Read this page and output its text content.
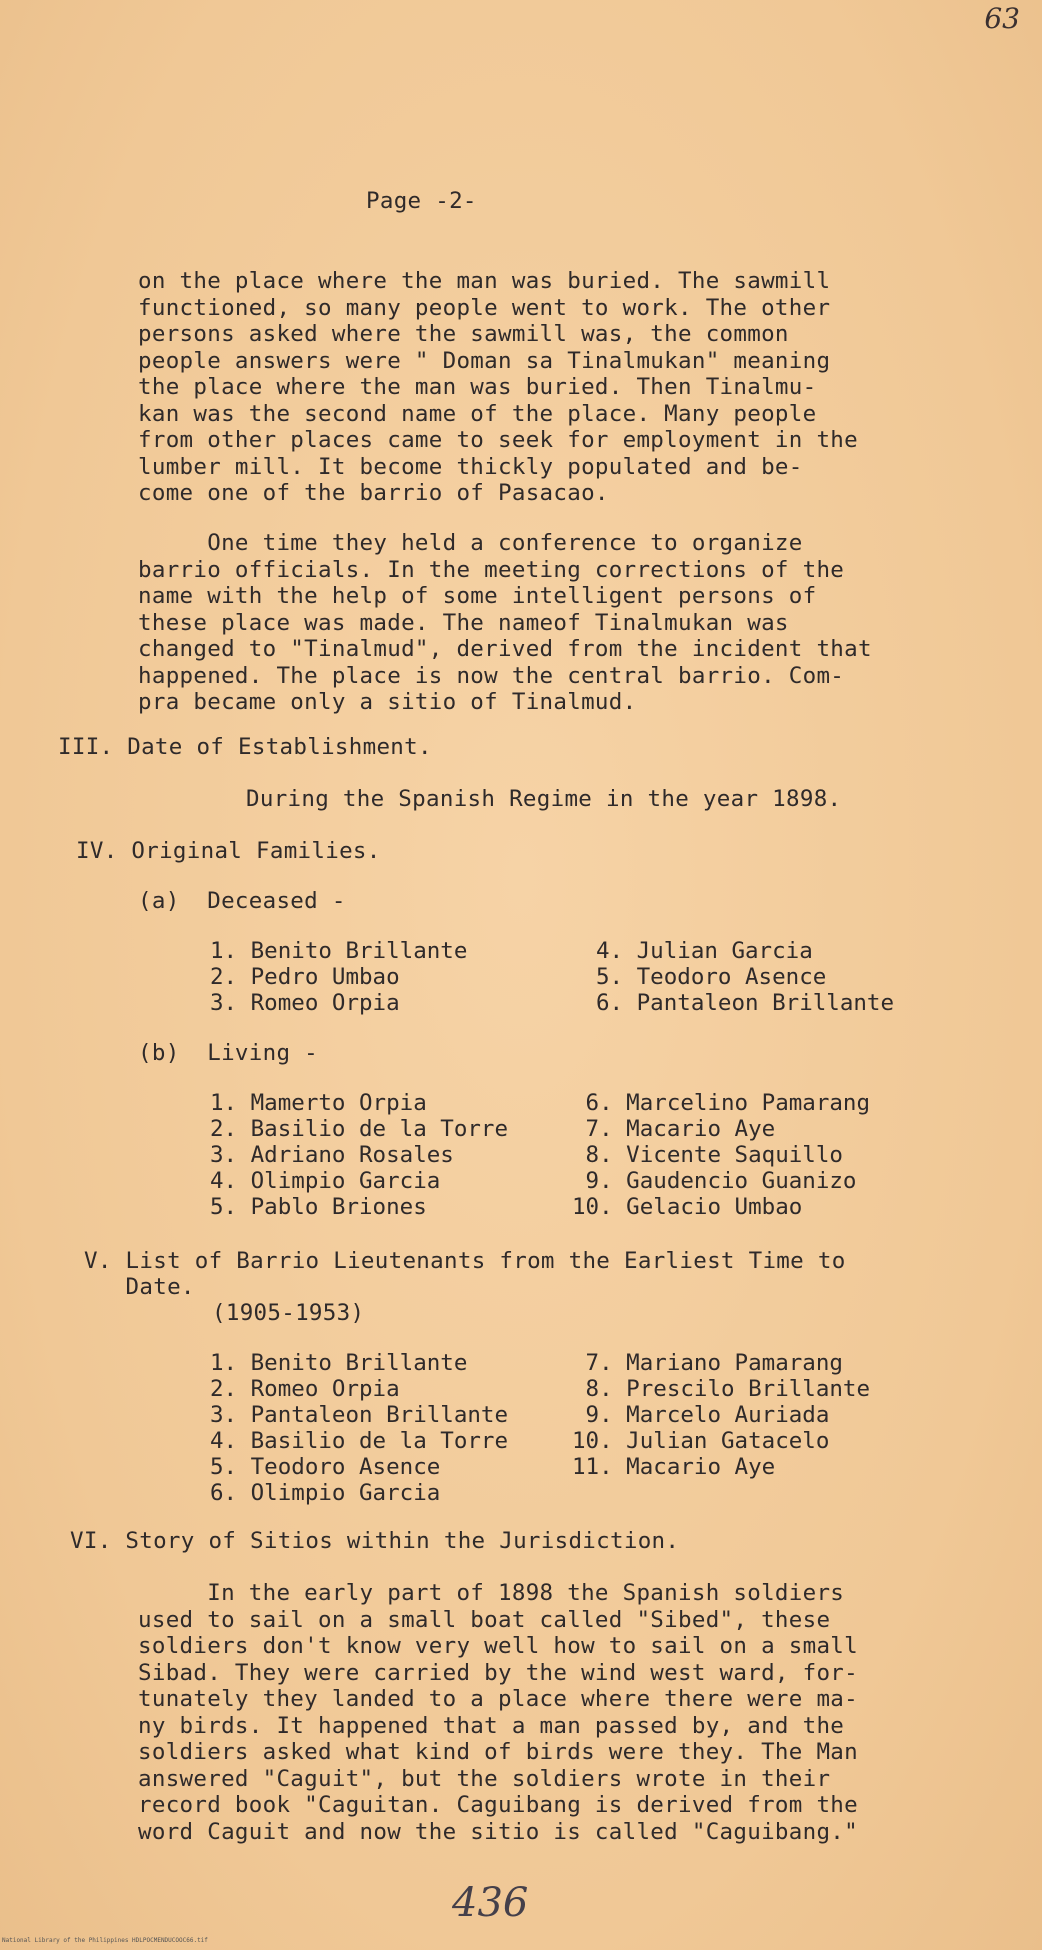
63
Page -2-
on the place where the man was buried. The sawmill
functioned, so many people went to work. The other
persons asked where the sawmill was, the common
people answers were " Doman sa Tinalmukan" meaning
the place where the man was buried. Then Tinalmu-
kan was the second name of the place. Many people
from other places came to seek for employment in the
lumber mill. It become thickly populated and be-
come one of the barrio of Pasacao.
One time they held a conference to organize
barrio officials. In the meeting corrections of the
name with the help of some intelligent persons of
these place was made. The nameof Tinalmukan was
changed to "Tinalmud", derived from the incident that
happened. The place is now the central barrio. Com-
pra became only a sitio of Tinalmud.
III. Date of Establishment.
During the Spanish Regime in the year 1898.
IV. Original Families.
(a)  Deceased -
1. Benito Brillante
2. Pedro Umbao
3. Romeo Orpia
4. Julian Garcia
5. Teodoro Asence
6. Pantaleon Brillante
(b)  Living -
1. Mamerto Orpia
2. Basilio de la Torre
3. Adriano Rosales
4. Olimpio Garcia
5. Pablo Briones
6. Marcelino Pamarang
7. Macario Aye
8. Vicente Saquillo
9. Gaudencio Guanizo
10. Gelacio Umbao
V. List of Barrio Lieutenants from the Earliest Time to
Date.
(1905-1953)
1. Benito Brillante
2. Romeo Orpia
3. Pantaleon Brillante
4. Basilio de la Torre
5. Teodoro Asence
6. Olimpio Garcia
7. Mariano Pamarang
8. Prescilo Brillante
9. Marcelo Auriada
10. Julian Gatacelo
11. Macario Aye
VI. Story of Sitios within the Jurisdiction.
In the early part of 1898 the Spanish soldiers
used to sail on a small boat called "Sibed", these
soldiers don't know very well how to sail on a small
Sibad. They were carried by the wind west ward, for-
tunately they landed to a place where there were ma-
ny birds. It happened that a man passed by, and the
soldiers asked what kind of birds were they. The Man
answered "Caguit", but the soldiers wrote in their
record book "Caguitan. Caguibang is derived from the
word Caguit and now the sitio is called "Caguibang."
436
National Library of the Philippines HDLPOCMENDUCOOC66.tif
